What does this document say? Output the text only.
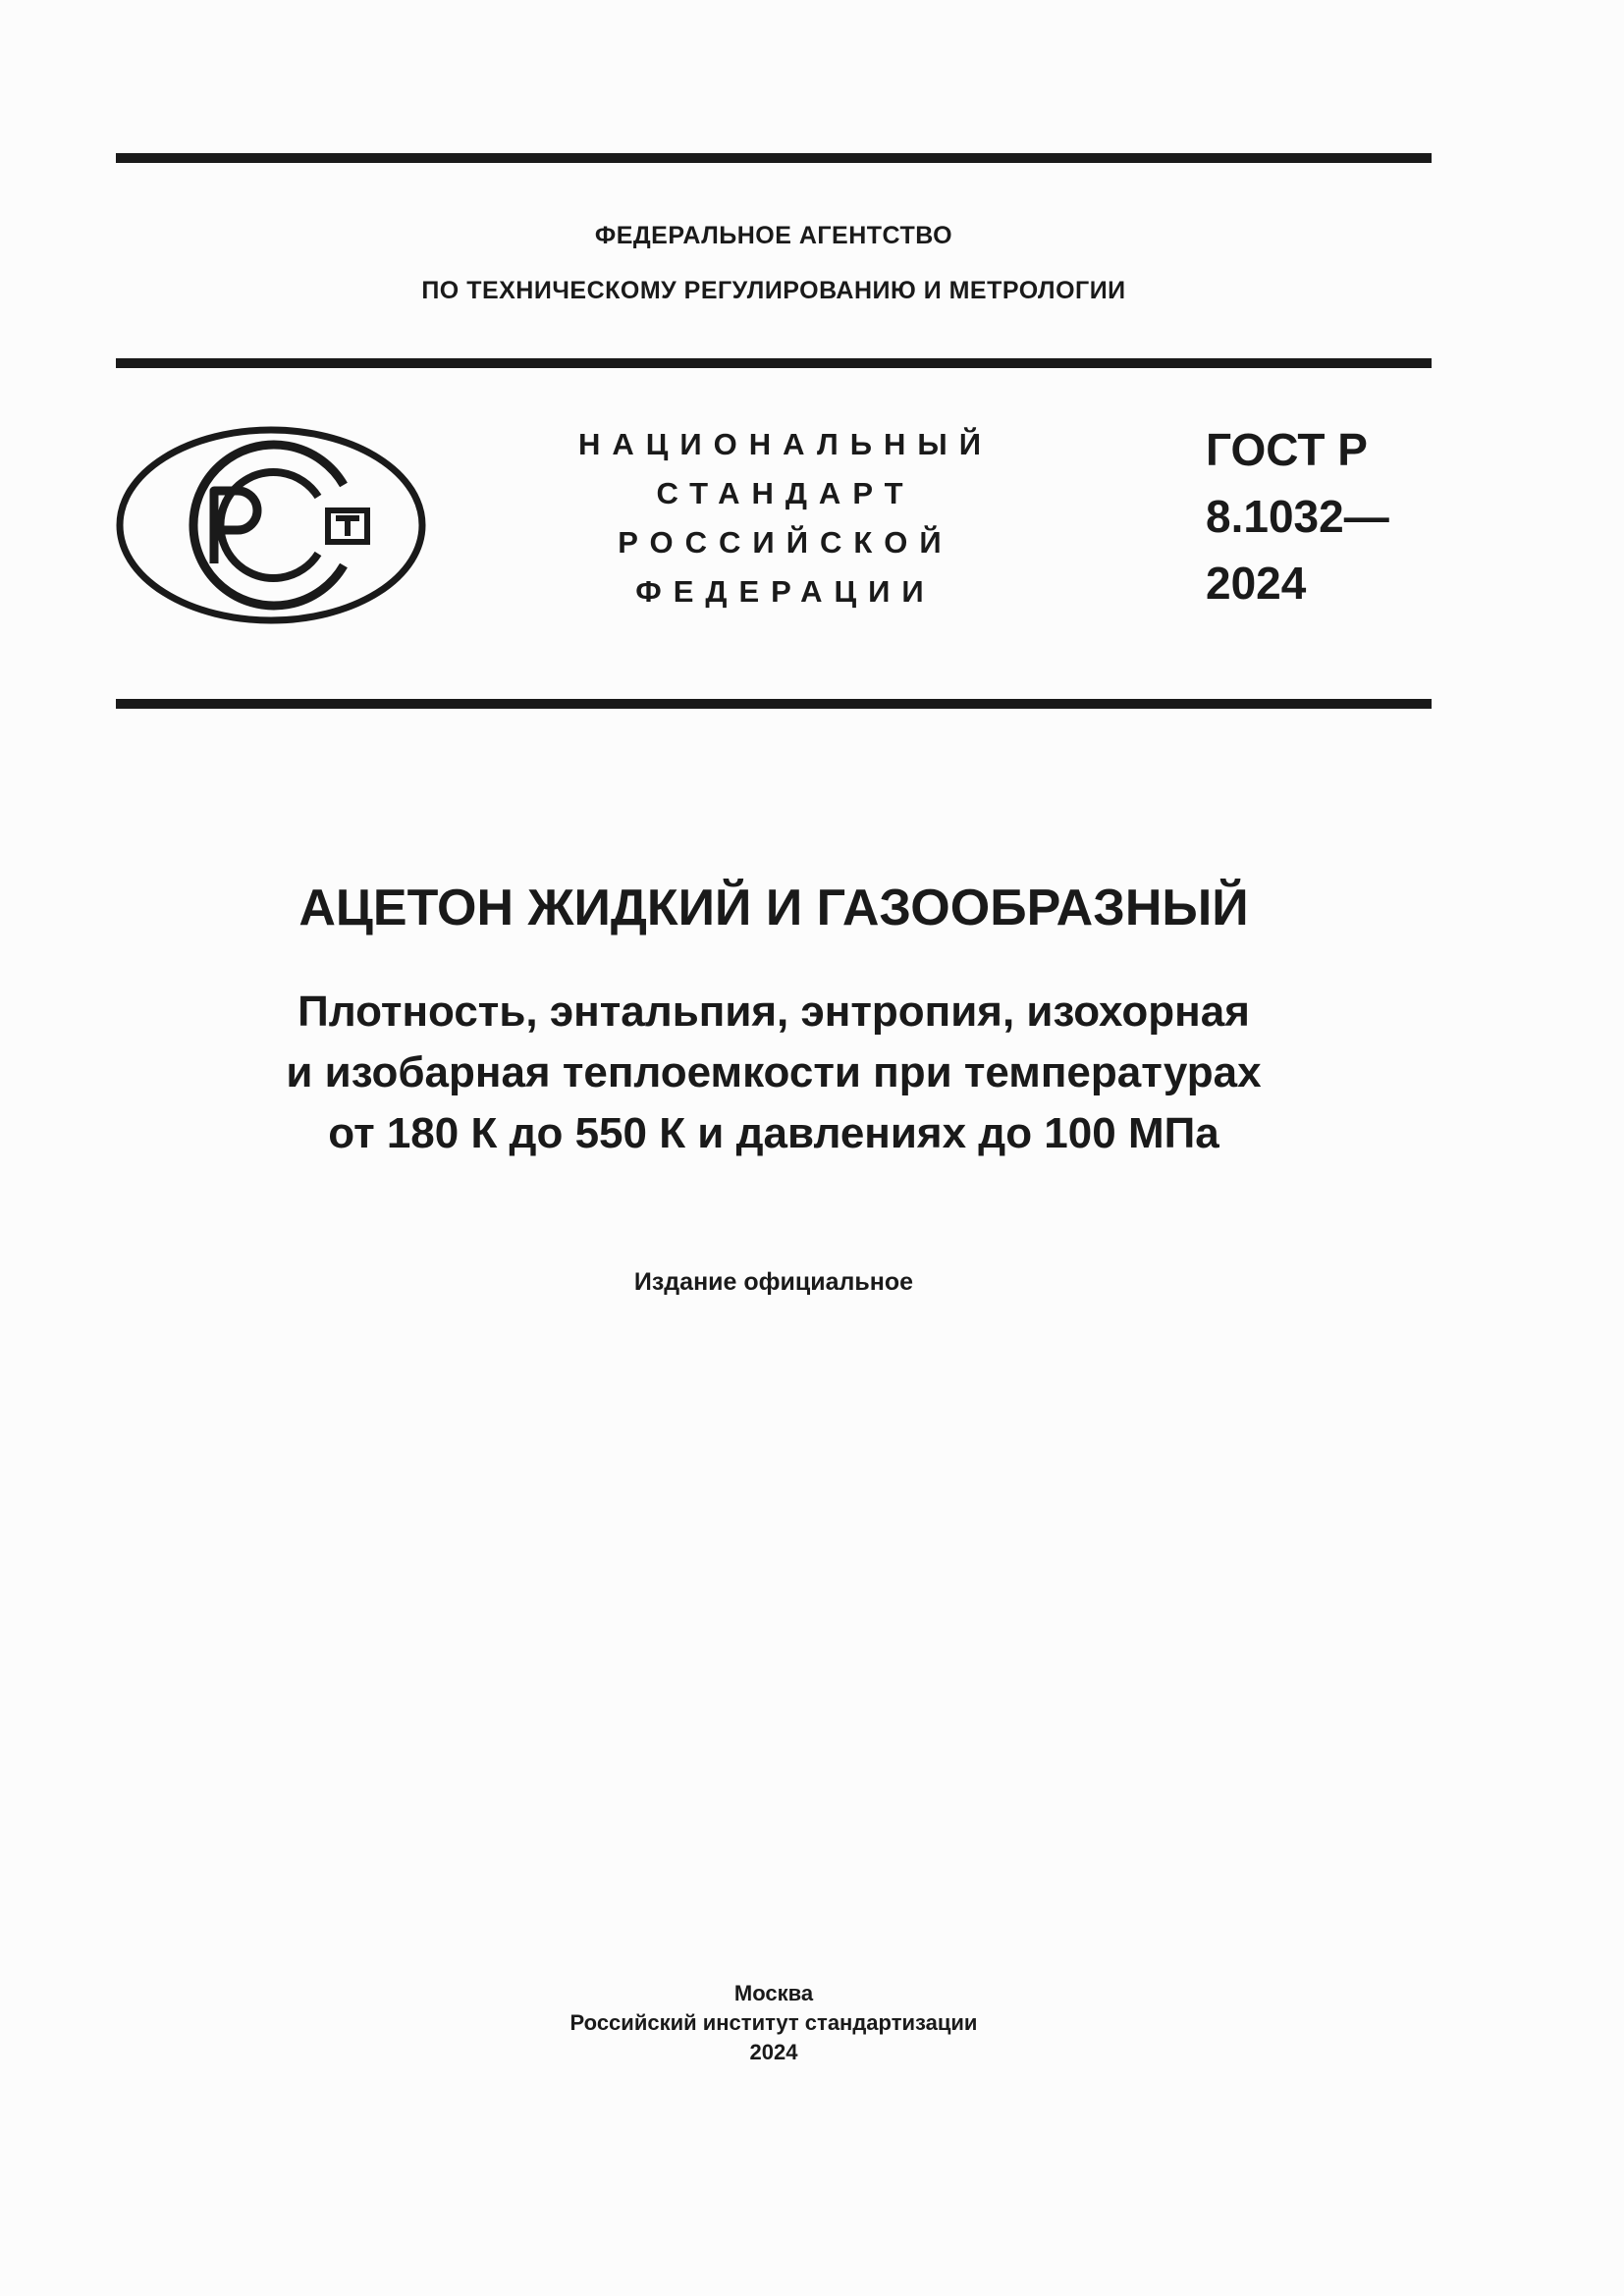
ФЕДЕРАЛЬНОЕ АГЕНТСТВО
ПО ТЕХНИЧЕСКОМУ РЕГУЛИРОВАНИЮ И МЕТРОЛОГИИ
НАЦИОНАЛЬНЫЙ
СТАНДАРТ
РОССИЙСКОЙ
ФЕДЕРАЦИИ
ГОСТ Р
8.1032—
2024
АЦЕТОН ЖИДКИЙ И ГАЗООБРАЗНЫЙ
Плотность, энтальпия, энтропия, изохорная
и изобарная теплоемкости при температурах
от 180 К до 550 К и давлениях до 100 МПа
Издание официальное
Москва
Российский институт стандартизации
2024
